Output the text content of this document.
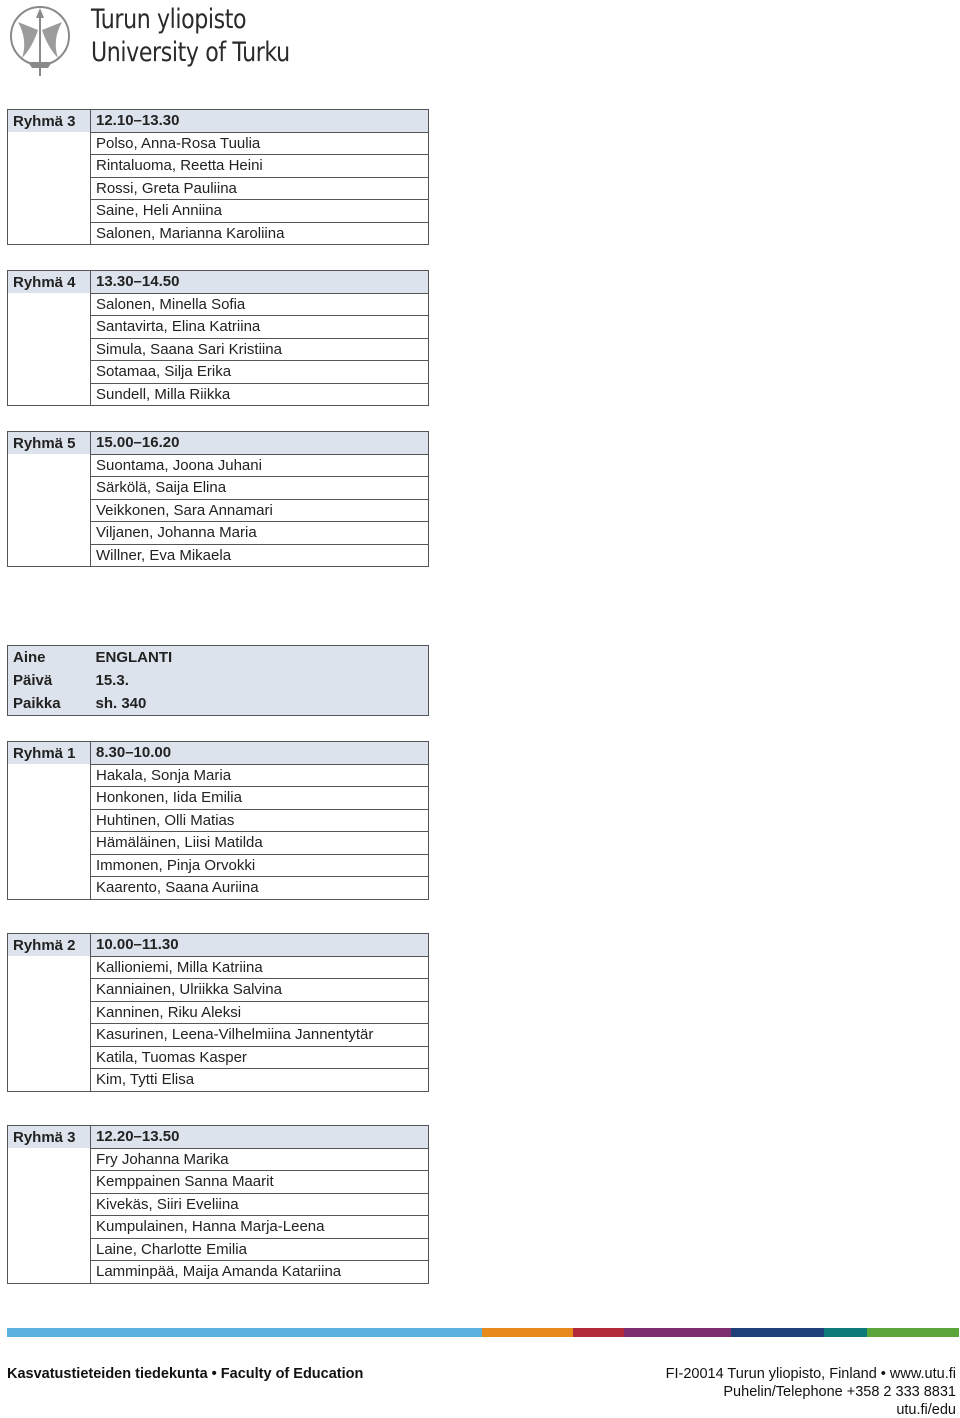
Turun yliopisto
University of Turku
Ryhmä 3	12.10–13.30
	Polso, Anna-Rosa Tuulia
	Rintaluoma, Reetta Heini
	Rossi, Greta Pauliina
	Saine, Heli Anniina
	Salonen, Marianna Karoliina
Ryhmä 4	13.30–14.50
	Salonen, Minella Sofia
	Santavirta, Elina Katriina
	Simula, Saana Sari Kristiina
	Sotamaa, Silja Erika
	Sundell, Milla Riikka
Ryhmä 5	15.00–16.20
	Suontama, Joona Juhani
	Särkölä, Saija Elina
	Veikkonen, Sara Annamari
	Viljanen, Johanna Maria
	Willner, Eva Mikaela
Aine	ENGLANTI
Päivä	15.3.
Paikka	sh. 340
Ryhmä 1	8.30–10.00
	Hakala, Sonja Maria
	Honkonen, Iida Emilia
	Huhtinen, Olli Matias
	Hämäläinen, Liisi Matilda
	Immonen, Pinja Orvokki
	Kaarento, Saana Auriina
Ryhmä 2	10.00–11.30
	Kallioniemi, Milla Katriina
	Kanniainen, Ulriikka Salvina
	Kanninen, Riku Aleksi
	Kasurinen, Leena-Vilhelmiina Jannentytär
	Katila, Tuomas Kasper
	Kim, Tytti Elisa
Ryhmä 3	12.20–13.50
	Fry Johanna Marika
	Kemppainen Sanna Maarit
	Kivekäs, Siiri Eveliina
	Kumpulainen, Hanna Marja-Leena
	Laine, Charlotte Emilia
	Lamminpää, Maija Amanda Katariina
Kasvatustieteiden tiedekunta • Faculty of Education	FI-20014 Turun yliopisto, Finland • www.utu.fi
Puhelin/Telephone +358 2 333 8831
utu.fi/edu
